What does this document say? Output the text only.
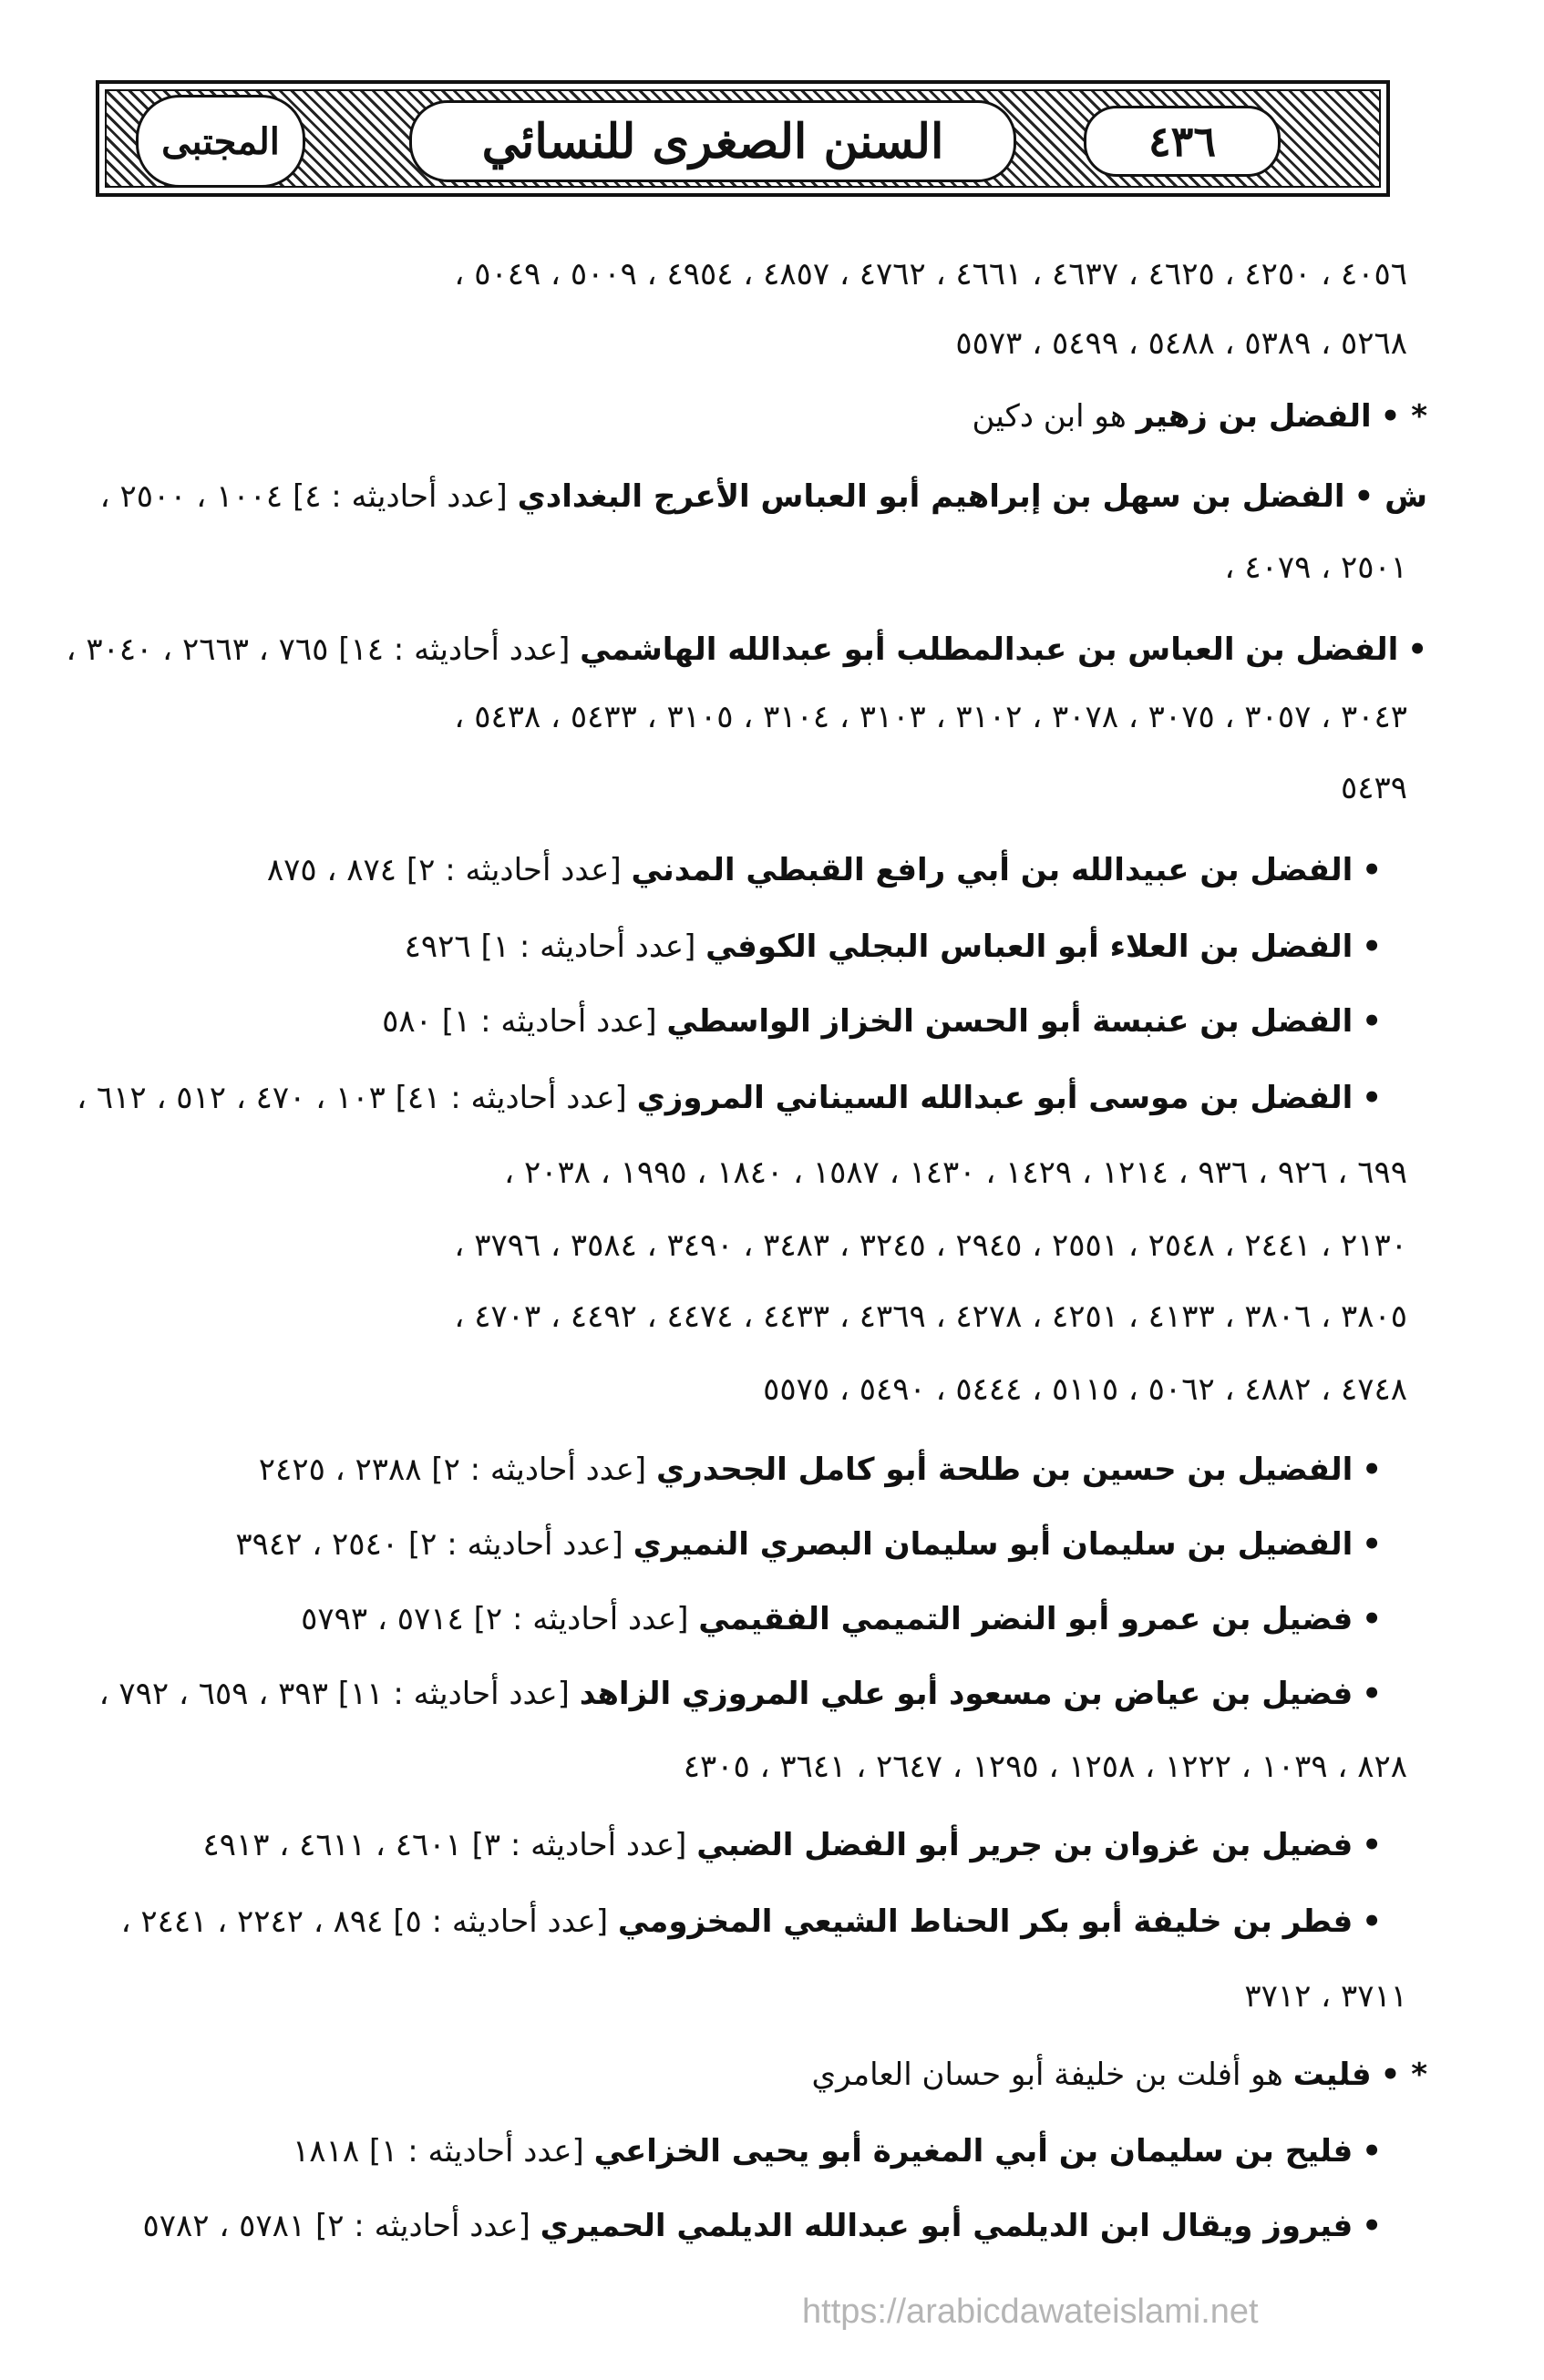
المجتبى	السنن الصغرى للنسائي	٤٣٦
٤٠٥٦ ، ٤٢٥٠ ، ٤٦٢٥ ، ٤٦٣٧ ، ٤٦٦١ ، ٤٧٦٢ ، ٤٨٥٧ ، ٤٩٥٤ ، ٥٠٠٩ ، ٥٠٤٩ ،
٥٢٦٨ ، ٥٣٨٩ ، ٥٤٨٨ ، ٥٤٩٩ ، ٥٥٧٣
* •الفضل بن زهير هو ابن دكين
ش •الفضل بن سهل بن إبراهيم أبو العباس الأعرج البغدادي [عدد أحاديثه : ٤] ١٠٠٤ ، ٢٥٠٠ ،
٢٥٠١ ، ٤٠٧٩ ،
•الفضل بن العباس بن عبدالمطلب أبو عبدالله الهاشمي [عدد أحاديثه : ١٤] ٧٦٥ ، ٢٦٦٣ ، ٣٠٤٠ ،
٣٠٤٣ ، ٣٠٥٧ ، ٣٠٧٥ ، ٣٠٧٨ ، ٣١٠٢ ، ٣١٠٣ ، ٣١٠٤ ، ٣١٠٥ ، ٥٤٣٣ ، ٥٤٣٨ ،
٥٤٣٩
•الفضل بن عبيدالله بن أبي رافع القبطي المدني [عدد أحاديثه : ٢] ٨٧٤ ، ٨٧٥
•الفضل بن العلاء أبو العباس البجلي الكوفي [عدد أحاديثه : ١] ٤٩٢٦
•الفضل بن عنبسة أبو الحسن الخزاز الواسطي [عدد أحاديثه : ١] ٥٨٠
•الفضل بن موسى أبو عبدالله السيناني المروزي [عدد أحاديثه : ٤١] ١٠٣ ، ٤٧٠ ، ٥١٢ ، ٦١٢ ،
٦٩٩ ، ٩٢٦ ، ٩٣٦ ، ١٢١٤ ، ١٤٢٩ ، ١٤٣٠ ، ١٥٨٧ ، ١٨٤٠ ، ١٩٩٥ ، ٢٠٣٨ ،
٢١٣٠ ، ٢٤٤١ ، ٢٥٤٨ ، ٢٥٥١ ، ٢٩٤٥ ، ٣٢٤٥ ، ٣٤٨٣ ، ٣٤٩٠ ، ٣٥٨٤ ، ٣٧٩٦ ،
٣٨٠٥ ، ٣٨٠٦ ، ٤١٣٣ ، ٤٢٥١ ، ٤٢٧٨ ، ٤٣٦٩ ، ٤٤٣٣ ، ٤٤٧٤ ، ٤٤٩٢ ، ٤٧٠٣ ،
٤٧٤٨ ، ٤٨٨٢ ، ٥٠٦٢ ، ٥١١٥ ، ٥٤٤٤ ، ٥٤٩٠ ، ٥٥٧٥
•الفضيل بن حسين بن طلحة أبو كامل الجحدري [عدد أحاديثه : ٢] ٢٣٨٨ ، ٢٤٢٥
•الفضيل بن سليمان أبو سليمان البصري النميري [عدد أحاديثه : ٢] ٢٥٤٠ ، ٣٩٤٢
•فضيل بن عمرو أبو النضر التميمي الفقيمي [عدد أحاديثه : ٢] ٥٧١٤ ، ٥٧٩٣
•فضيل بن عياض بن مسعود أبو علي المروزي الزاهد [عدد أحاديثه : ١١] ٣٩٣ ، ٦٥٩ ، ٧٩٢ ،
٨٢٨ ، ١٠٣٩ ، ١٢٢٢ ، ١٢٥٨ ، ١٢٩٥ ، ٢٦٤٧ ، ٣٦٤١ ، ٤٣٠٥
•فضيل بن غزوان بن جرير أبو الفضل الضبي [عدد أحاديثه : ٣] ٤٦٠١ ، ٤٦١١ ، ٤٩١٣
•فطر بن خليفة أبو بكر الحناط الشيعي المخزومي [عدد أحاديثه : ٥] ٨٩٤ ، ٢٢٤٢ ، ٢٤٤١ ،
٣٧١١ ، ٣٧١٢
* •فليت هو أفلت بن خليفة أبو حسان العامري
•فليح بن سليمان بن أبي المغيرة أبو يحيى الخزاعي [عدد أحاديثه : ١] ١٨١٨
•فيروز ويقال ابن الديلمي أبو عبدالله الديلمي الحميري [عدد أحاديثه : ٢] ٥٧٨١ ، ٥٧٨٢
https://arabicdawateislami.net
